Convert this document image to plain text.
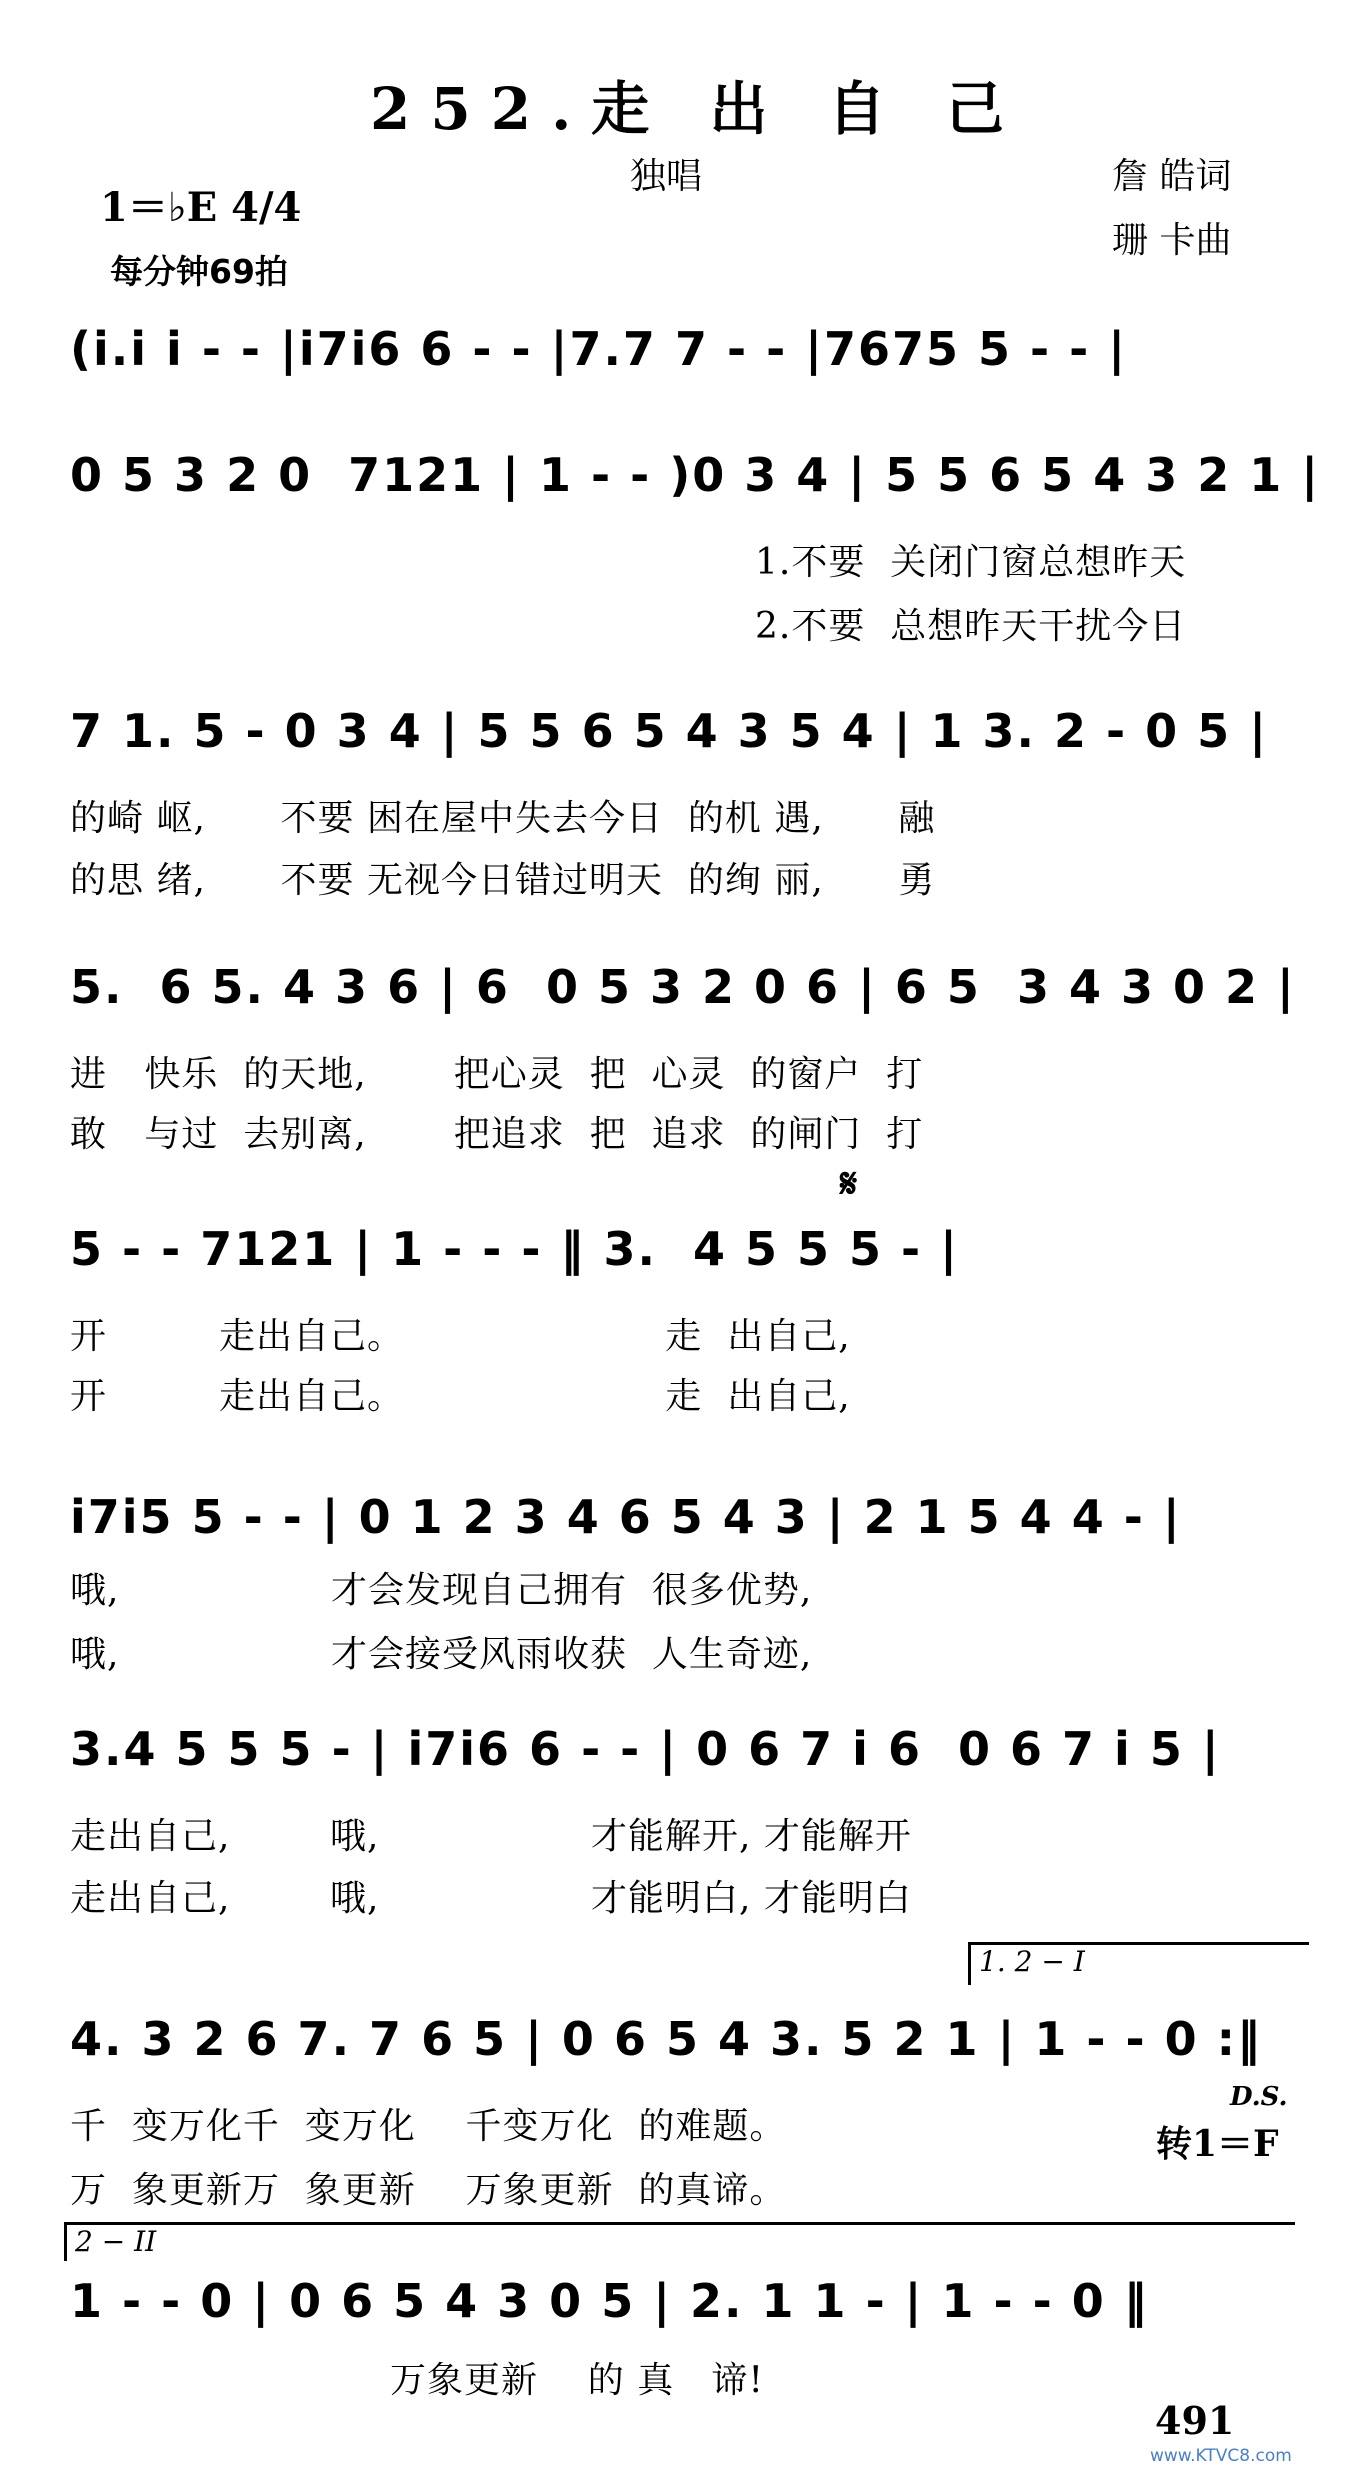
252.走 出 自 己
独唱	詹 皓词
珊 卡曲
1＝♭E 4/4
每分钟69拍
(i.i i - - |i7i6 6 - - |7.7 7 - - |7675 5 - - |
0 5 3 2 0  7121 | 1 - - )0 3 4 | 5 5 6 5 4 3 2 1 |
1.不要  关闭门窗总想昨天
2.不要  总想昨天干扰今日
7 1. 5 - 0 3 4 | 5 5 6 5 4 3 5 4 | 1 3. 2 - 0 5 |
的崎 岖,      不要 困在屋中失去今日  的机 遇,      融
的思 绪,      不要 无视今日错过明天  的绚 丽,      勇
5.  6 5. 4 3 6 | 6  0 5 3 2 0 6 | 6 5  3 4 3 0 2 |
进   快乐  的天地,       把心灵  把  心灵  的窗户  打
敢   与过  去别离,       把追求  把  追求  的闸门  打
𝄋
5 - - 7121 | 1 - - - ‖ 3.  4 5 5 5 - |
开         走出自己。                     走  出自己,
开         走出自己。                     走  出自己,
i7i5 5 - - | 0 1 2 3 4 6 5 4 3 | 2 1 5 4 4 - |
哦,                 才会发现自己拥有  很多优势,
哦,                 才会接受风雨收获  人生奇迹,
3.4 5 5 5 - | i7i6 6 - - | 0 6 7 i 6  0 6 7 i 5 |
走出自己,        哦,                 才能解开, 才能解开
走出自己,        哦,                 才能明白, 才能明白
1. 2 − I
4. 3 2 6 7. 7 6 5 | 0 6 5 4 3. 5 2 1 | 1 - - 0 :‖
千  变万化千  变万化    千变万化  的难题。
万  象更新万  象更新    万象更新  的真谛。
D.S.
转1＝F
2 − II
1 - - 0 | 0 6 5 4 3 0 5 | 2. 1 1 - | 1 - - 0 ‖
万象更新    的 真   谛!
491
www.KTVC8.com
